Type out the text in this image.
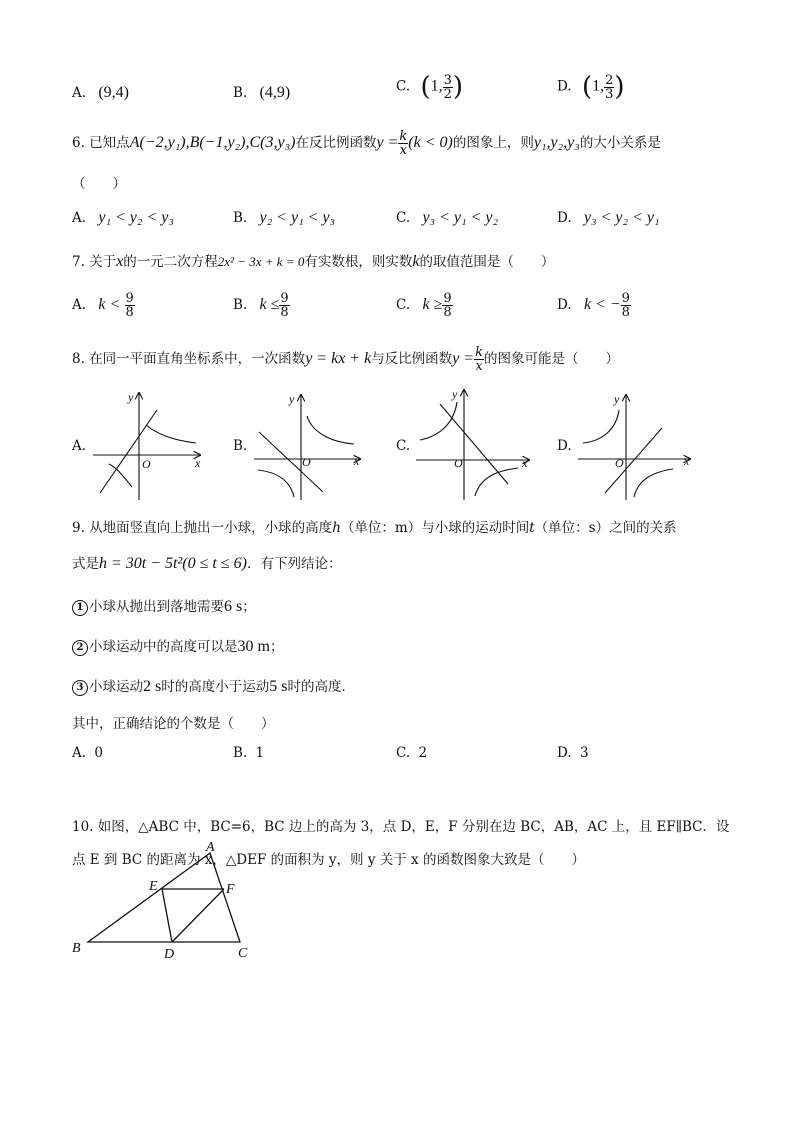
A. (9,4)	B. (4,9)	C. (1, $\frac{3}{2}$ )	D. (1, $\frac{2}{3}$ )
6. 已知点A(−2,y₁),B(−1,y₂),C(3,y₃)在反比例函数$y = \frac{k}{x} (k < 0)$的图象上，则y₁,y₂,y₃的大小关系是
（　　）
A. y₁ < y₂ < y₃	B. y₂ < y₁ < y₃	C. y₃ < y₁ < y₂	D. y₃ < y₂ < y₁
7. 关于x的一元二次方程2x² − 3x + k = 0有实数根，则实数k的取值范围是（　　）
A. $k < \frac{9}{8}$	B. $k \le \frac{9}{8}$	C. $k \ge \frac{9}{8}$	D. k < − $\frac{9}{8}$
8. 在同一平面直角坐标系中，一次函数y = kx + k与反比例函数$y = \frac{k}{x}$ 的图象可能是（　　）
A.	B.	C.	D.
y
x
O
y
x
O
y
x
O
y
x
O
9. 从地面竖直向上抛出一小球，小球的高度h（单位：m）与小球的运动时间t（单位：s）之间的关系
式是h = 30t − 5t²(0 ≤ t ≤ 6)．有下列结论：
1 小球从抛出到落地需要6 s；
2 小球运动中的高度可以是30 m；
3 小球运动2 s时的高度小于运动5 s时的高度．
其中，正确结论的个数是（　　）
A. 0	B. 1	C. 2	D. 3
10. 如图，△ABC 中，BC=6，BC 边上的高为 3，点 D，E，F 分别在边 BC，AB，AC 上，且 EF∥BC．设
点 E 到 BC 的距离为 x，△DEF 的面积为 y，则 y 关于 x 的函数图象大致是（　　）
A
B	C
D
E	F
